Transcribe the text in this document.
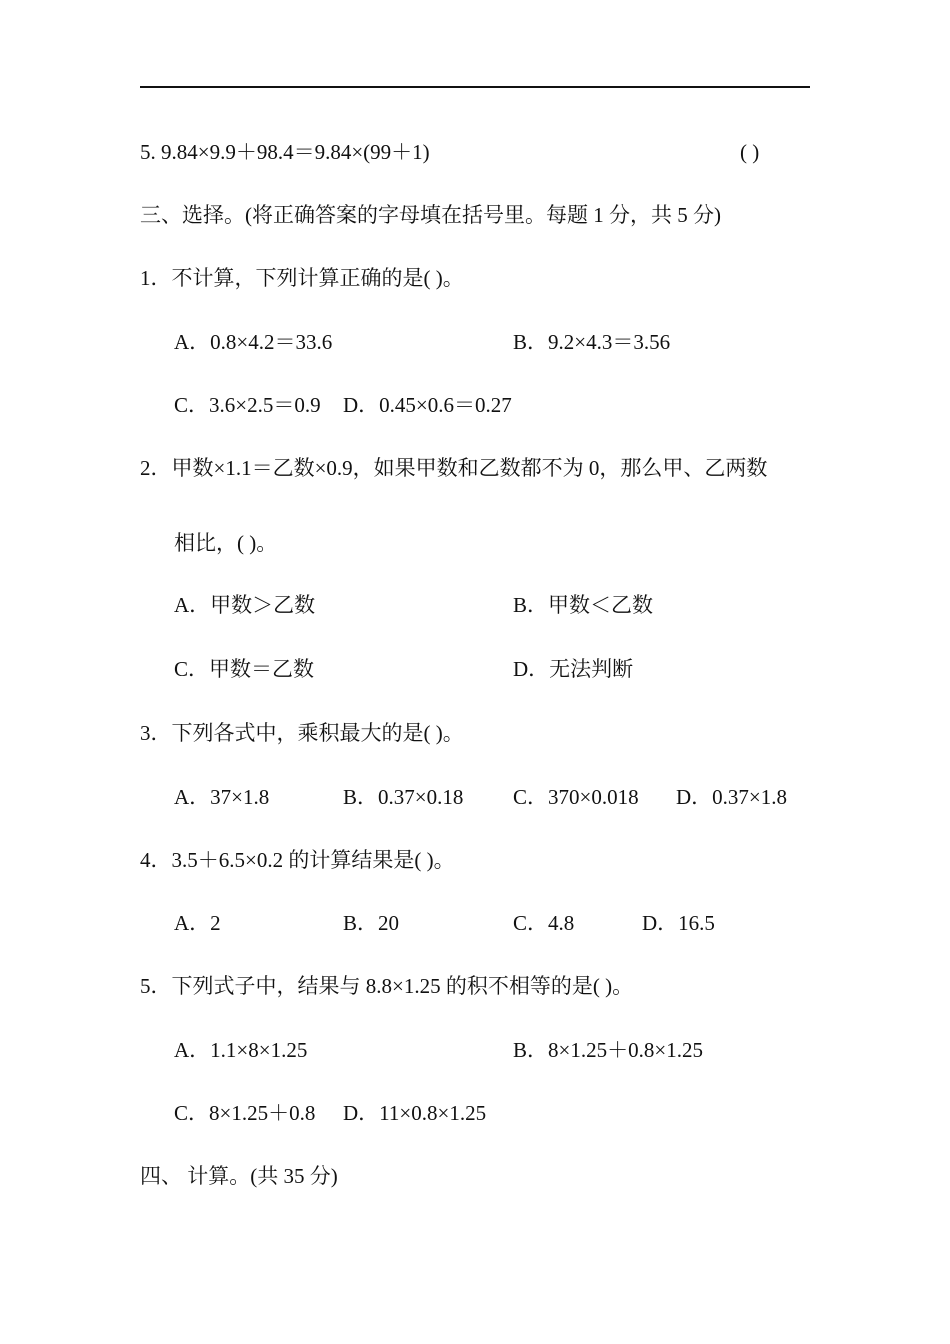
5. 9.84×9.9＋98.4＝9.84×(99＋1)	( )
三、选择。(将正确答案的字母填在括号里。每题 1 分，共 5 分)
1．不计算，下列计算正确的是( )。
A．0.8×4.2＝33.6	B．9.2×4.3＝3.56
C．3.6×2.5＝0.9 D．0.45×0.6＝0.27
2．甲数×1.1＝乙数×0.9，如果甲数和乙数都不为 0，那么甲、乙两数
相比，( )。
A．甲数＞乙数	B．甲数＜乙数
C．甲数＝乙数	D．无法判断
3．下列各式中，乘积最大的是( )。
A．37×1.8	B．0.37×0.18 C．370×0.018 D．0.37×1.8
4．3.5＋6.5×0.2 的计算结果是( )。
A．2	B．20	C．4.8	D．16.5
5．下列式子中，结果与 8.8×1.25 的积不相等的是( )。
A．1.1×8×1.25	B．8×1.25＋0.8×1.25
C．8×1.25＋0.8 D．11×0.8×1.25
四、 计算。(共 35 分)
